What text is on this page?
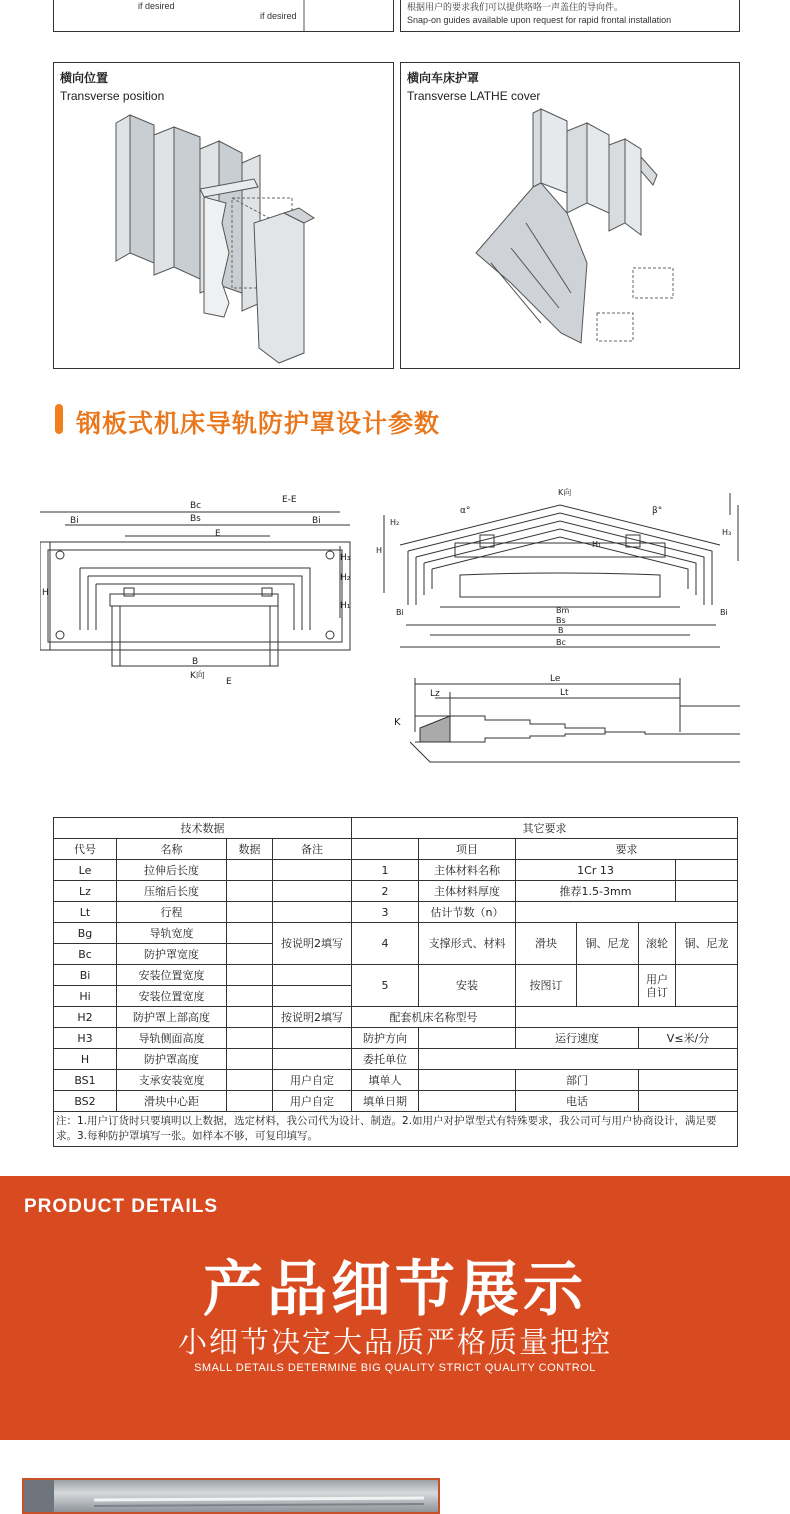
if desired
if desired
根据用户的要求我们可以提供咯咯一声盖住的导向件。
Snap-on guides available upon request for rapid frontal installation
横向位置
Transverse position
横向车床护罩
Transverse LATHE cover
钢板式机床导轨防护罩设计参数
Bc
Bs
Bi	Bi
E
E-E
H
H₃
H₂
H₁
B
K向
E
K向
α°	β°
H
H₂
H₁
H₃
Bi	Bi
Bm
Bs
B
Bc
Le
Lz	Lt
K
技术数据				其它要求					
代号	名称	数据	备注		项目	要求			
Le	拉伸后长度			1	主体材料名称	1Cr 13			
Lz	压缩后长度			2	主体材料厚度	推荐1.5-3mm			
Lt	行程			3	估计节数（n）				
Bg	导轨宽度		按说明2填写	4	支撑形式、材料	滑块	铜、尼龙	滚轮	铜、尼龙
Bc	防护罩宽度								
Bi	安装位置宽度			5	安装	按图订		用户自订	
Hi	安装位置宽度								
H2	防护罩上部高度		按说明2填写	配套机床名称型号					
H3	导轨侧面高度			防护方向		运行速度		V≤米/分	
H	防护罩高度			委托单位					
BS1	支承安装宽度		用户自定	填单人		部门			
BS2	滑块中心距		用户自定	填单日期		电话			
注：1.用户订货时只要填明以上数据，选定材料，我公司代为设计、制造。2.如用户对护罩型式有特殊要求，我公司可与用户协商设计，满足要求。3.每种防护罩填写一张。如样本不够，可复印填写。									
PRODUCT DETAILS
产品细节展示
小细节决定大品质严格质量把控
SMALL DETAILS DETERMINE BIG QUALITY STRICT QUALITY CONTROL
